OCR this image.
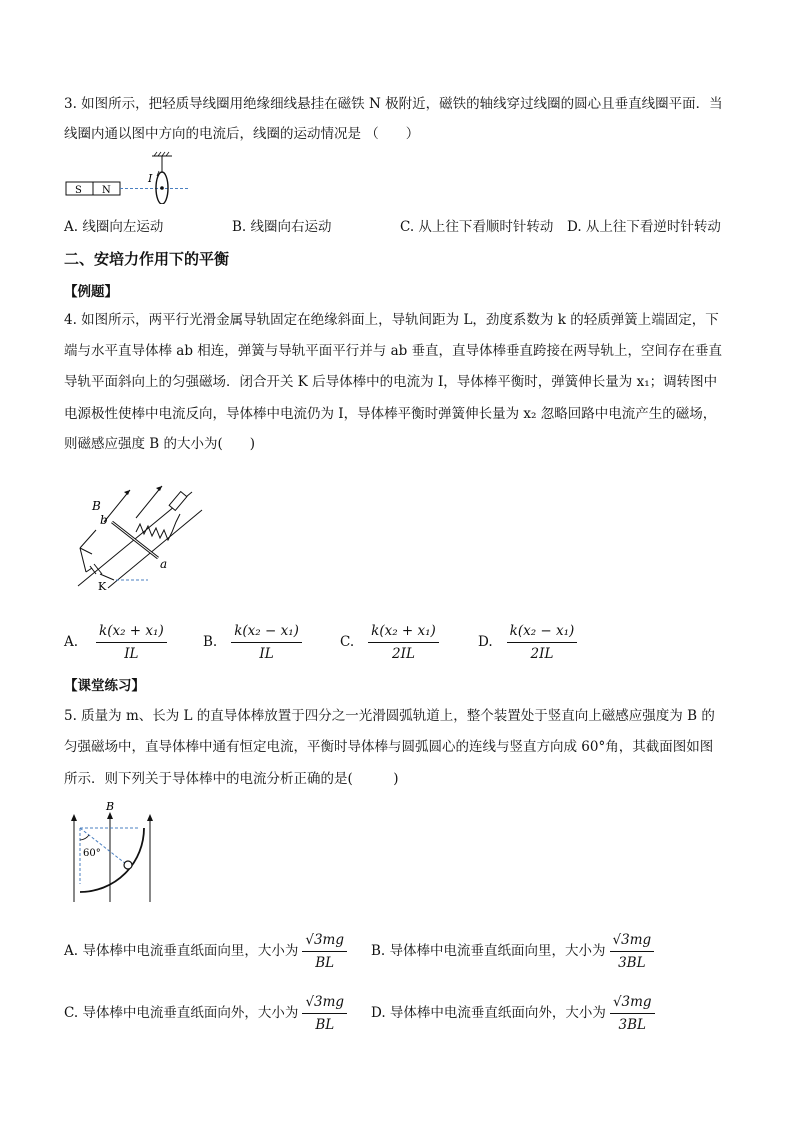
3. 如图所示，把轻质导线圈用绝缘细线悬挂在磁铁 N 极附近，磁铁的轴线穿过线圈的圆心且垂直线圈平面．当
线圈内通以图中方向的电流后，线圈的运动情况是 （　　）
S N
I
A. 线圈向左运动	B. 线圈向右运动	C. 从上往下看顺时针转动 D. 从上往下看逆时针转动
二、安培力作用下的平衡
【例题】
4. 如图所示，两平行光滑金属导轨固定在绝缘斜面上，导轨间距为 L，劲度系数为 k 的轻质弹簧上端固定，下
端与水平直导体棒 ab 相连，弹簧与导轨平面平行并与 ab 垂直，直导体棒垂直跨接在两导轨上，空间存在垂直
导轨平面斜向上的匀强磁场．闭合开关 K 后导体棒中的电流为 I，导体棒平衡时，弹簧伸长量为 x₁；调转图中
电源极性使棒中电流反向，导体棒中电流仍为 I，导体棒平衡时弹簧伸长量为 x₂ 忽略回路中电流产生的磁场，
则磁感应强度 B 的大小为(　　)
B
b
a
K
A. $\frac{\text{k(x₂ + x₁)}}{IL}$	B. $\frac{\text{k(x₂ − x₁)}}{IL}$	C. $\frac{\text{k(x₂ + x₁)}}{2IL}$	D. $\frac{\text{k(x₂ − x₁)}}{2IL}$
【课堂练习】
5. 质量为 m、长为 L 的直导体棒放置于四分之一光滑圆弧轨道上，整个装置处于竖直向上磁感应强度为 B 的
匀强磁场中，直导体棒中通有恒定电流，平衡时导体棒与圆弧圆心的连线与竖直方向成 60°角，其截面图如图
所示．则下列关于导体棒中的电流分析正确的是(　　　)
B
60°
A. 导体棒中电流垂直纸面向里，大小为 $\frac{√3mg}{BL} B$. 导体棒中电流垂直纸面向里，大小为 $\frac{√3mg}{3BL}$
C. 导体棒中电流垂直纸面向外，大小为 $\frac{√3mg}{BL} D$. 导体棒中电流垂直纸面向外，大小为 $\frac{√3mg}{3BL}$
